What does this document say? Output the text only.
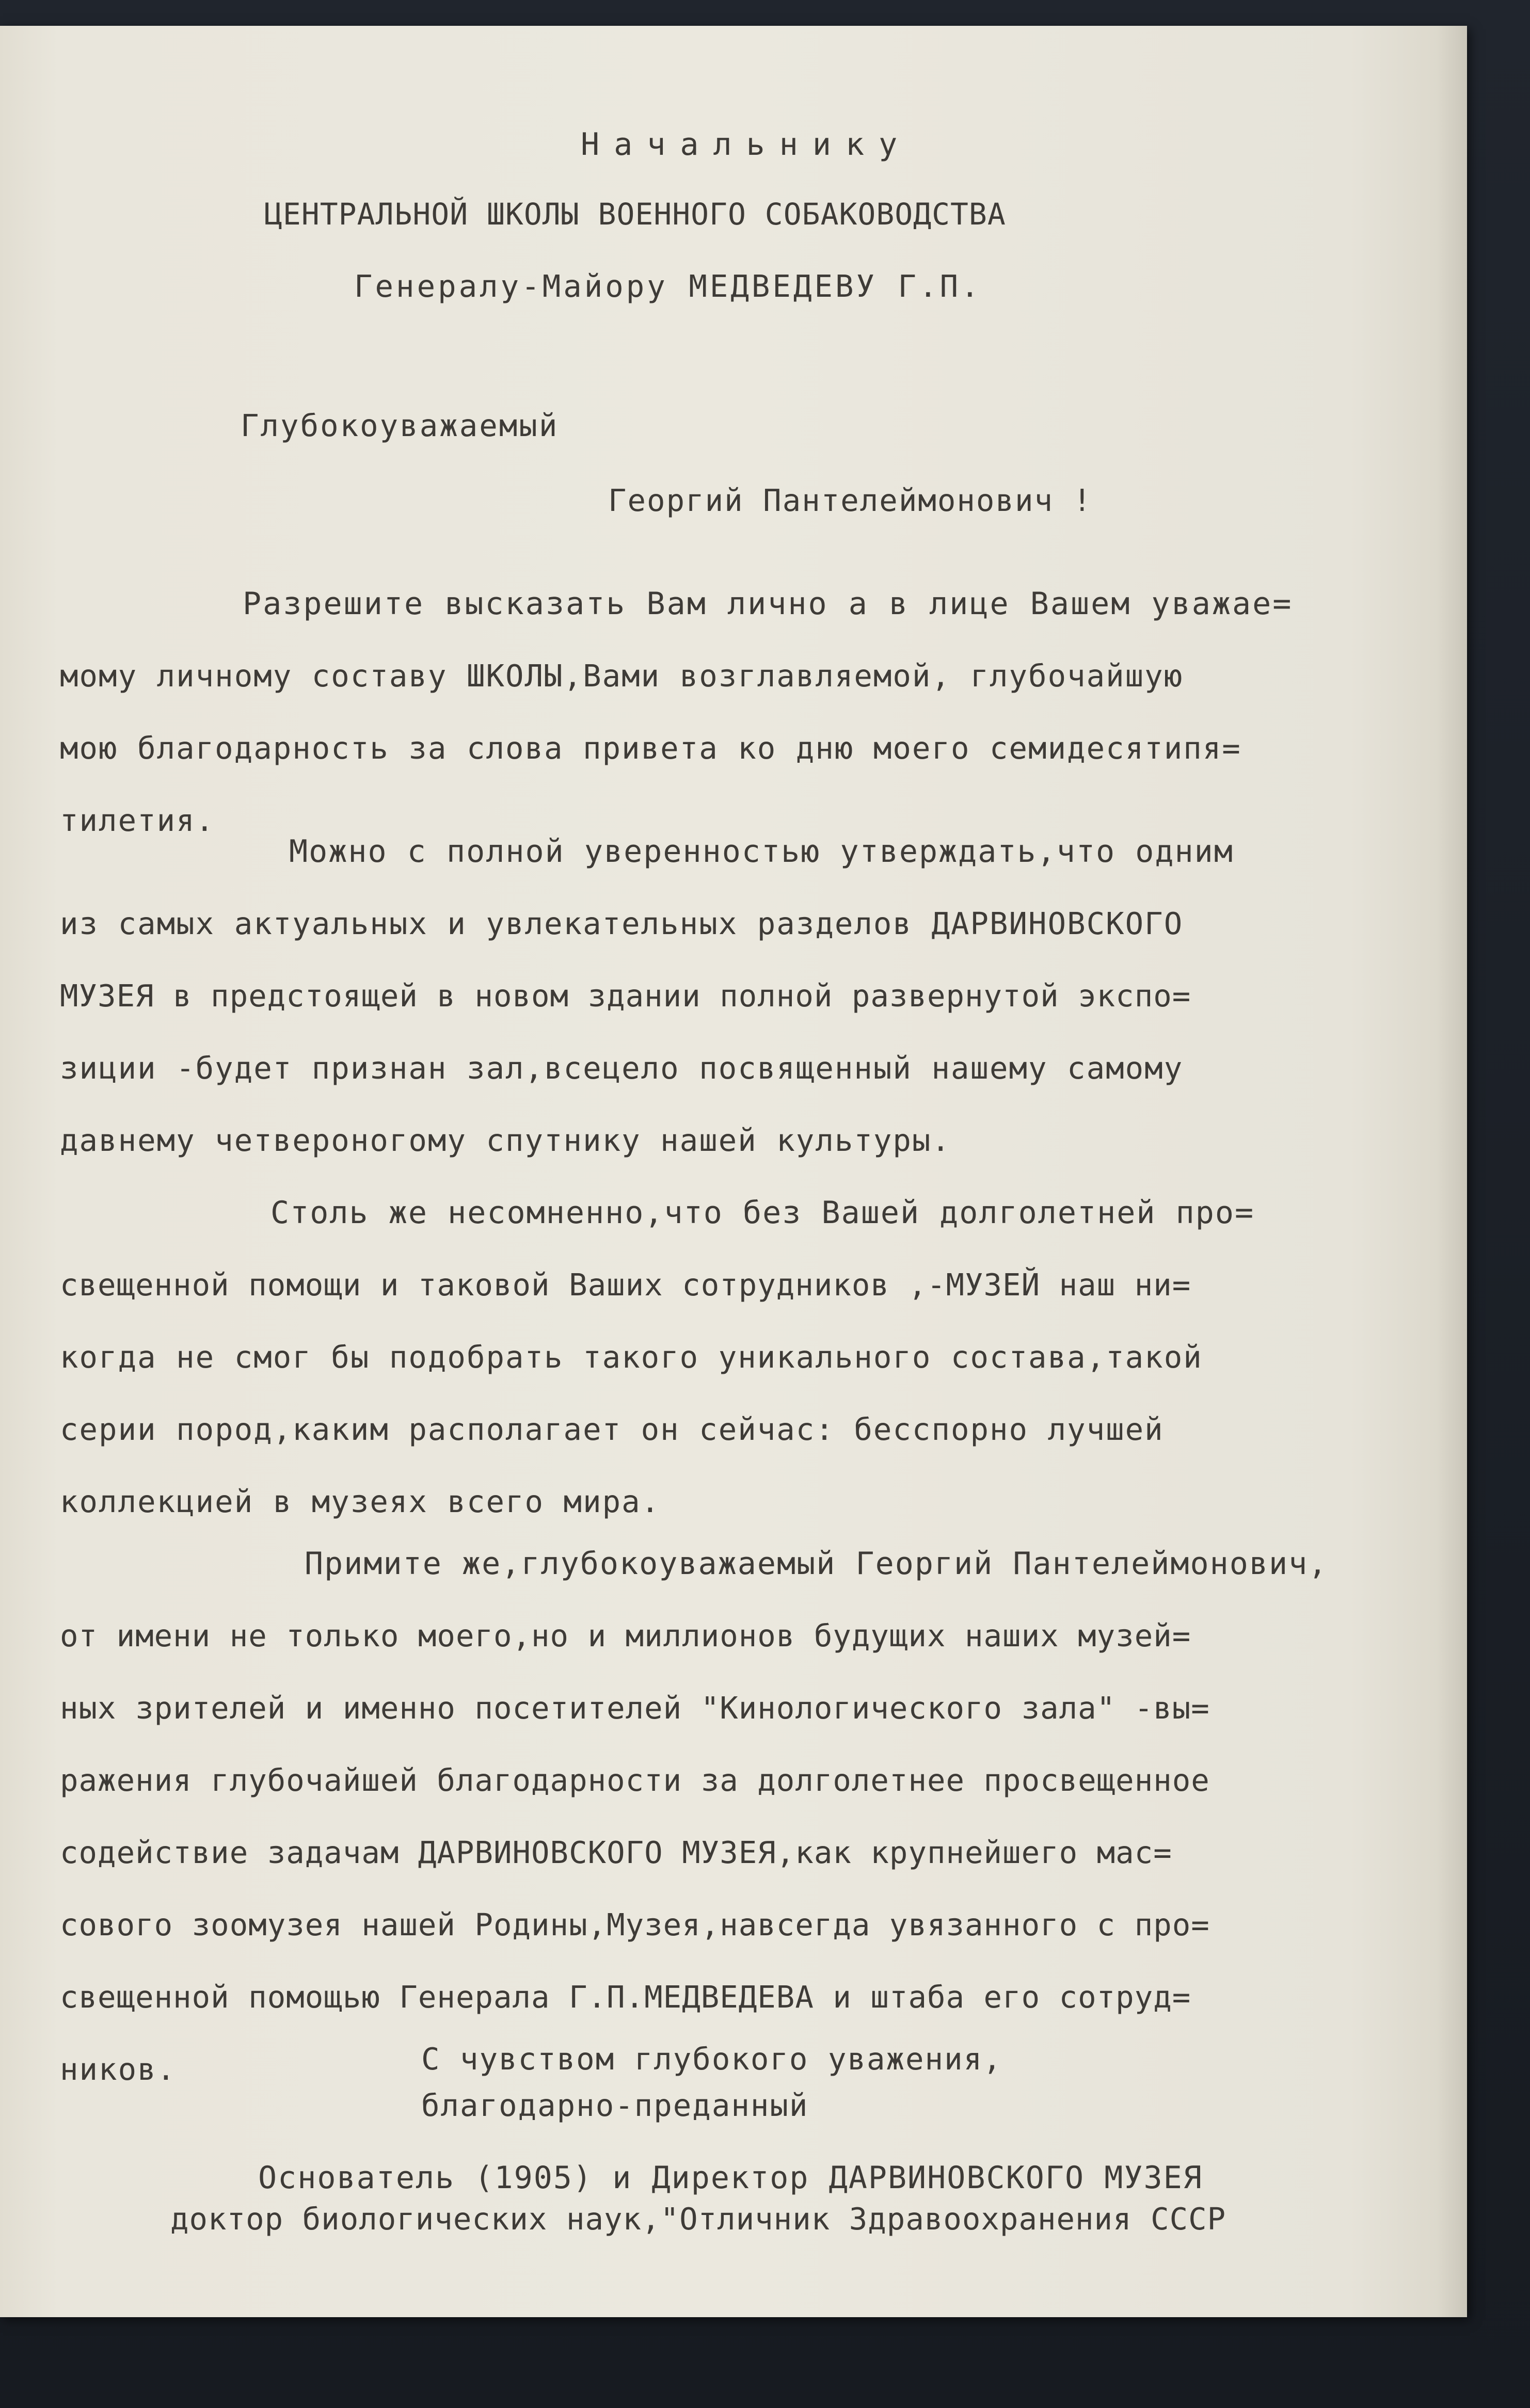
Начальнику
ЦЕНТРАЛЬНОЙ ШКОЛЫ ВОЕННОГО СОБАКОВОДСТВА
Генералу-Майору МЕДВЕДЕВУ Г.П.
Глубокоуважаемый
Георгий Пантелеймонович !
Разрешите высказать Вам лично а в лице Вашем уважае=
мому личному составу ШКОЛЫ,Вами возглавляемой, глубочайшую
мою благодарность за слова привета ко дню моего семидесятипя=
тилетия.
Можно с полной уверенностью утверждать,что одним
из самых актуальных и увлекательных разделов ДАРВИНОВСКОГО
МУЗЕЯ в предстоящей в новом здании полной развернутой экспо=
зиции -будет признан зал,всецело посвященный нашему самому
давнему четвероногому спутнику нашей культуры.
Столь же несомненно,что без Вашей долголетней про=
свещенной помощи и таковой Ваших сотрудников ,-МУЗЕЙ наш ни=
когда не смог бы подобрать такого уникального состава,такой
серии пород,каким располагает он сейчас: бесспорно лучшей
коллекцией в музеях всего мира.
Примите же,глубокоуважаемый Георгий Пантелеймонович,
от имени не только моего,но и миллионов будущих наших музей=
ных зрителей и именно посетителей "Кинологического зала" -вы=
ражения глубочайшей благодарности за долголетнее просвещенное
содействие задачам ДАРВИНОВСКОГО МУЗЕЯ,как крупнейшего мас=
сового зоомузея нашей Родины,Музея,навсегда увязанного с про=
свещенной помощью Генерала Г.П.МЕДВЕДЕВА и штаба его сотруд=
ников.	С чувством глубокого уважения,
благодарно-преданный
Основатель (1905) и Директор ДАРВИНОВСКОГО МУЗЕЯ
доктор биологических наук,"Отличник Здравоохранения СССР
